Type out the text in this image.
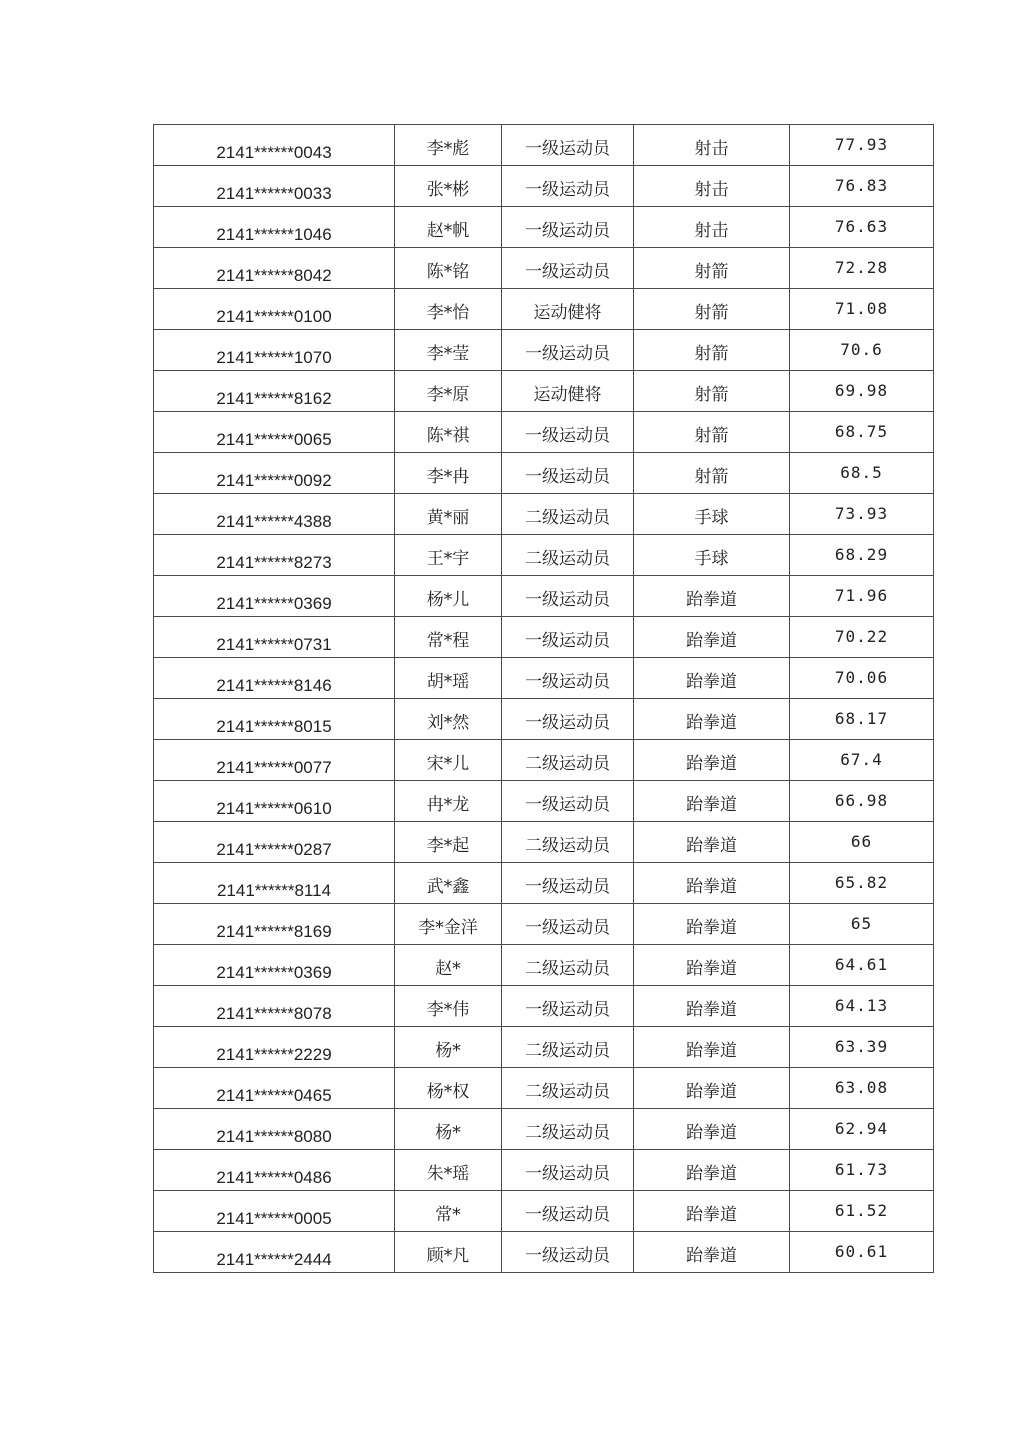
2141******0043	李*彪	一级运动员	射击	77.93
2141******0033	张*彬	一级运动员	射击	76.83
2141******1046	赵*帆	一级运动员	射击	76.63
2141******8042	陈*铭	一级运动员	射箭	72.28
2141******0100	李*怡	运动健将	射箭	71.08
2141******1070	李*莹	一级运动员	射箭	70.6
2141******8162	李*原	运动健将	射箭	69.98
2141******0065	陈*祺	一级运动员	射箭	68.75
2141******0092	李*冉	一级运动员	射箭	68.5
2141******4388	黄*丽	二级运动员	手球	73.93
2141******8273	王*宇	二级运动员	手球	68.29
2141******0369	杨*儿	一级运动员	跆拳道	71.96
2141******0731	常*程	一级运动员	跆拳道	70.22
2141******8146	胡*瑶	一级运动员	跆拳道	70.06
2141******8015	刘*然	一级运动员	跆拳道	68.17
2141******0077	宋*儿	二级运动员	跆拳道	67.4
2141******0610	冉*龙	一级运动员	跆拳道	66.98
2141******0287	李*起	二级运动员	跆拳道	66
2141******8114	武*鑫	一级运动员	跆拳道	65.82
2141******8169	李*金洋	一级运动员	跆拳道	65
2141******0369	赵*	二级运动员	跆拳道	64.61
2141******8078	李*伟	一级运动员	跆拳道	64.13
2141******2229	杨*	二级运动员	跆拳道	63.39
2141******0465	杨*权	二级运动员	跆拳道	63.08
2141******8080	杨*	二级运动员	跆拳道	62.94
2141******0486	朱*瑶	一级运动员	跆拳道	61.73
2141******0005	常*	一级运动员	跆拳道	61.52
2141******2444	顾*凡	一级运动员	跆拳道	60.61
